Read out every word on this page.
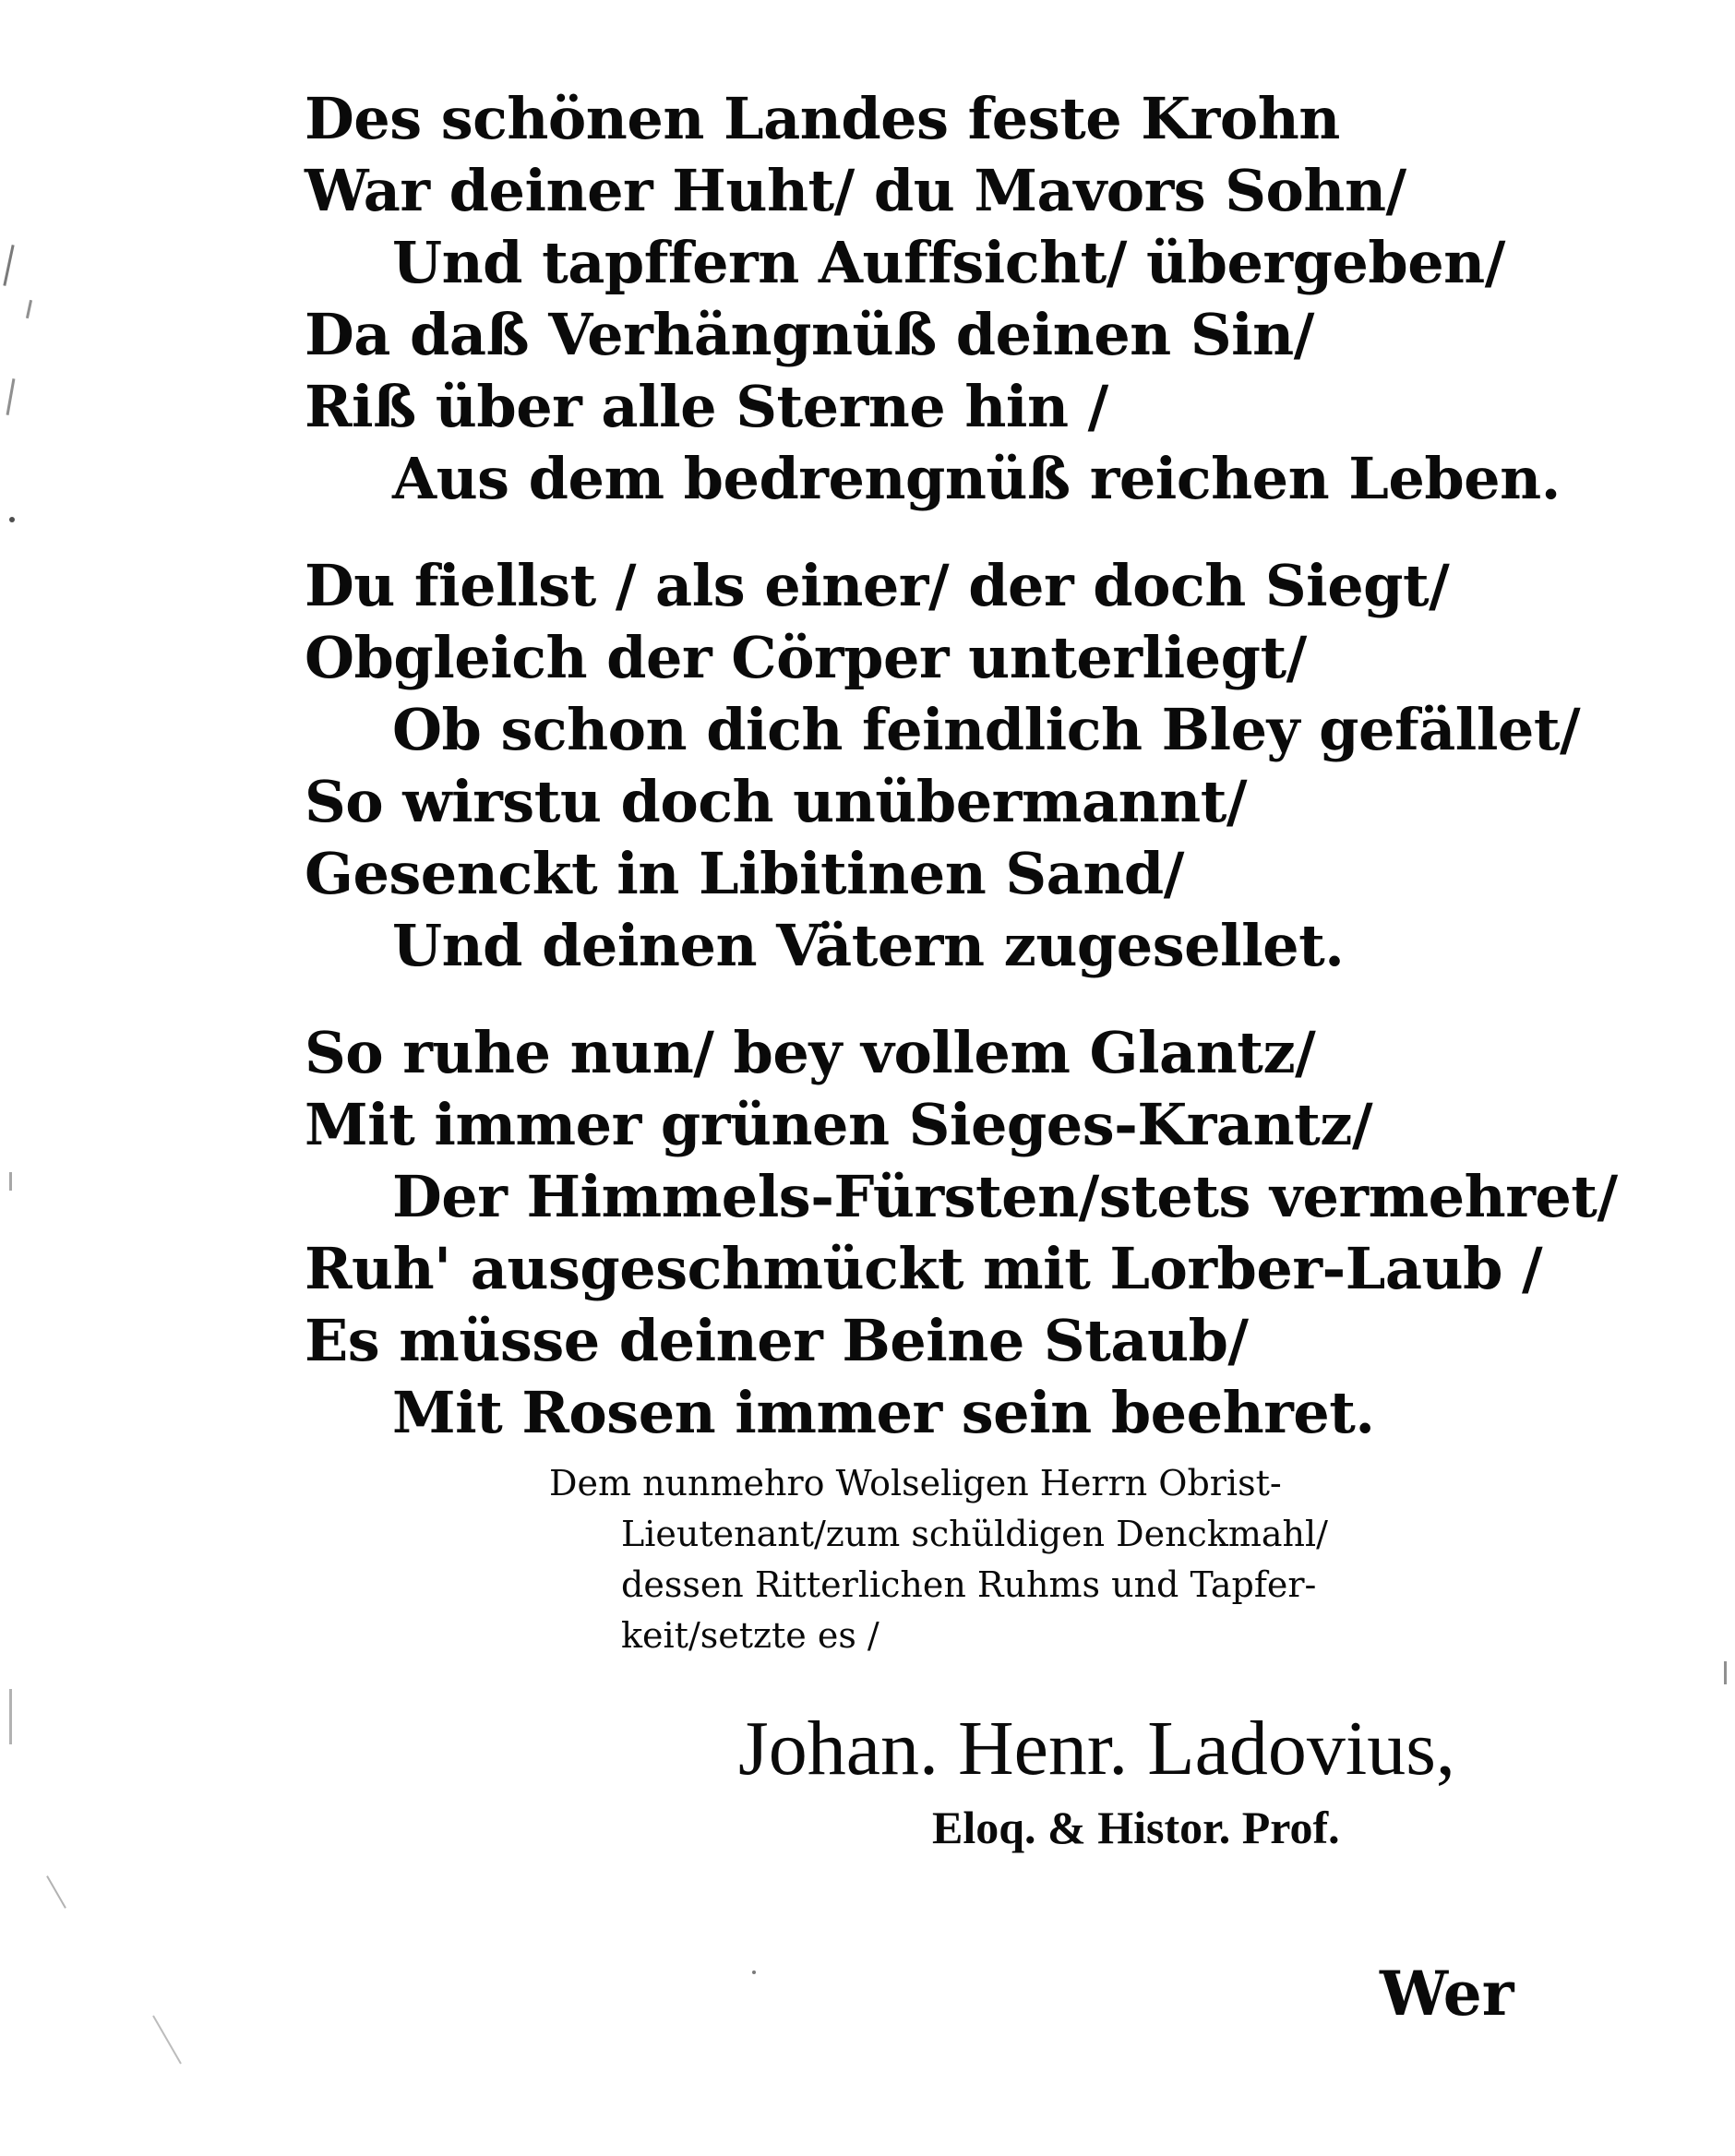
Des schönen Landes feste Krohn
War deiner Huht/ du Mavors Sohn/
Und tapffern Auffsicht/ übergeben/
Da daß Verhängnüß deinen Sin/
Riß über alle Sterne hin /
Aus dem bedrengnüß reichen Leben.
Du fiellst / als einer/ der doch Siegt/
Obgleich der Cörper unterliegt/
Ob schon dich feindlich Bley gefället/
So wirstu doch unübermannt/
Gesenckt in Libitinen Sand/
Und deinen Vätern zugesellet.
So ruhe nun/ bey vollem Glantz/
Mit immer grünen Sieges-Krantz/
Der Himmels-Fürsten/stets vermehret/
Ruh' ausgeschmückt mit Lorber-Laub /
Es müsse deiner Beine Staub/
Mit Rosen immer sein beehret.
Dem nunmehro Wolseligen Herrn Obrist-
Lieutenant/zum schüldigen Denckmahl/
dessen Ritterlichen Ruhms und Tapfer-
keit/setzte es /
Johan. Henr. Ladovius,
Eloq. & Histor. Prof.
Wer
